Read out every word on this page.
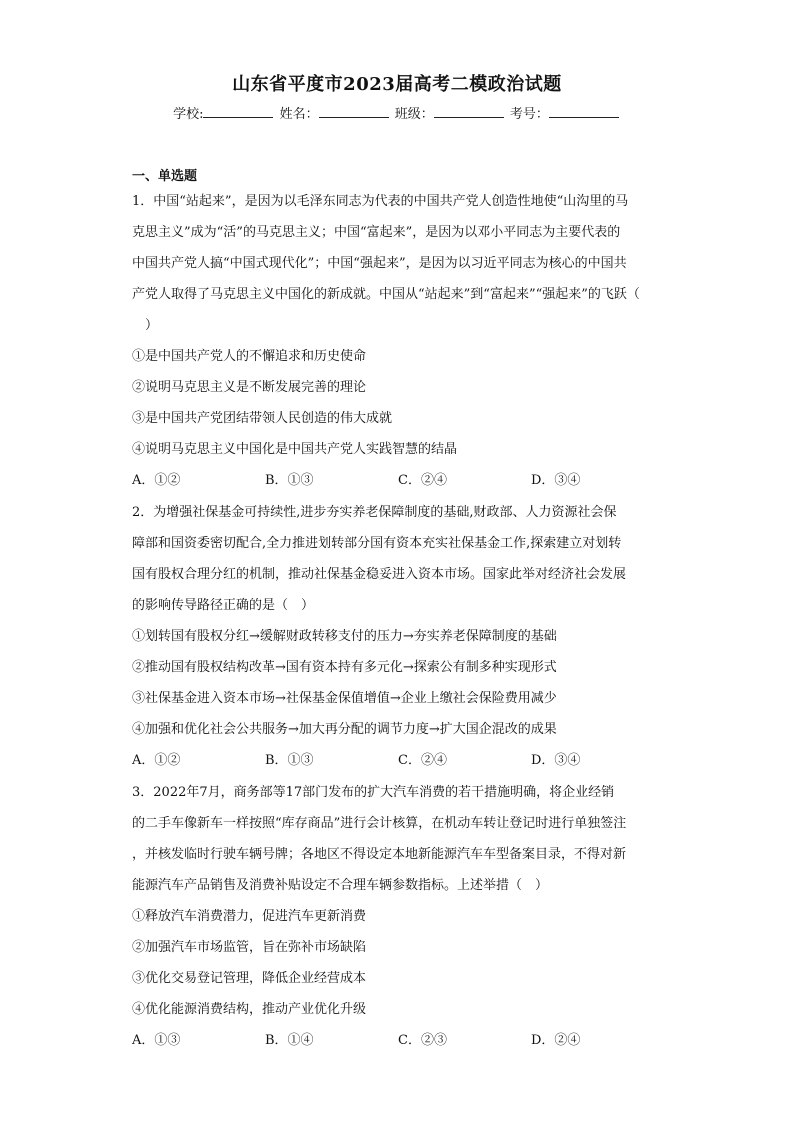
山东省平度市2023届高考二模政治试题
学校:	姓名：	班级：	考号：
一、单选题

1．中国“站起来”，是因为以毛泽东同志为代表的中国共产党人创造性地使“山沟里的马

克思主义”成为“活”的马克思主义；中国“富起来”，是因为以邓小平同志为主要代表的

中国共产党人搞“中国式现代化”；中国“强起来”，是因为以习近平同志为核心的中国共

产党人取得了马克思主义中国化的新成就。中国从“站起来”到“富起来”“强起来”的飞跃（

　）

①是中国共产党人的不懈追求和历史使命

②说明马克思主义是不断发展完善的理论

③是中国共产党团结带领人民创造的伟大成就

④说明马克思主义中国化是中国共产党人实践智慧的结晶

A．①②	B．①③	C．②④	D．③④

2．为增强社保基金可持续性,进步夯实养老保障制度的基础,财政部、人力资源社会保

障部和国资委密切配合,全力推进划转部分国有资本充实社保基金工作,探索建立对划转

国有股权合理分红的机制，推动社保基金稳妥进入资本市场。国家此举对经济社会发展

的影响传导路径正确的是（　）

①划转国有股权分红→缓解财政转移支付的压力→夯实养老保障制度的基础

②推动国有股权结构改革→国有资本持有多元化→探索公有制多种实现形式

③社保基金进入资本市场→社保基金保值增值→企业上缴社会保险费用减少

④加强和优化社会公共服务→加大再分配的调节力度→扩大国企混改的成果

A．①②	B．①③	C．②④	D．③④

3．2022年7月，商务部等17部门发布的扩大汽车消费的若干措施明确，将企业经销

的二手车像新车一样按照“库存商品”进行会计核算，在机动车转让登记时进行单独签注

，并核发临时行驶车辆号牌；各地区不得设定本地新能源汽车车型备案目录，不得对新

能源汽车产品销售及消费补贴设定不合理车辆参数指标。上述举措（　）

①释放汽车消费潜力，促进汽车更新消费

②加强汽车市场监管，旨在弥补市场缺陷

③优化交易登记管理，降低企业经营成本

④优化能源消费结构，推动产业优化升级

A．①③	B．①④	C．②③	D．②④
